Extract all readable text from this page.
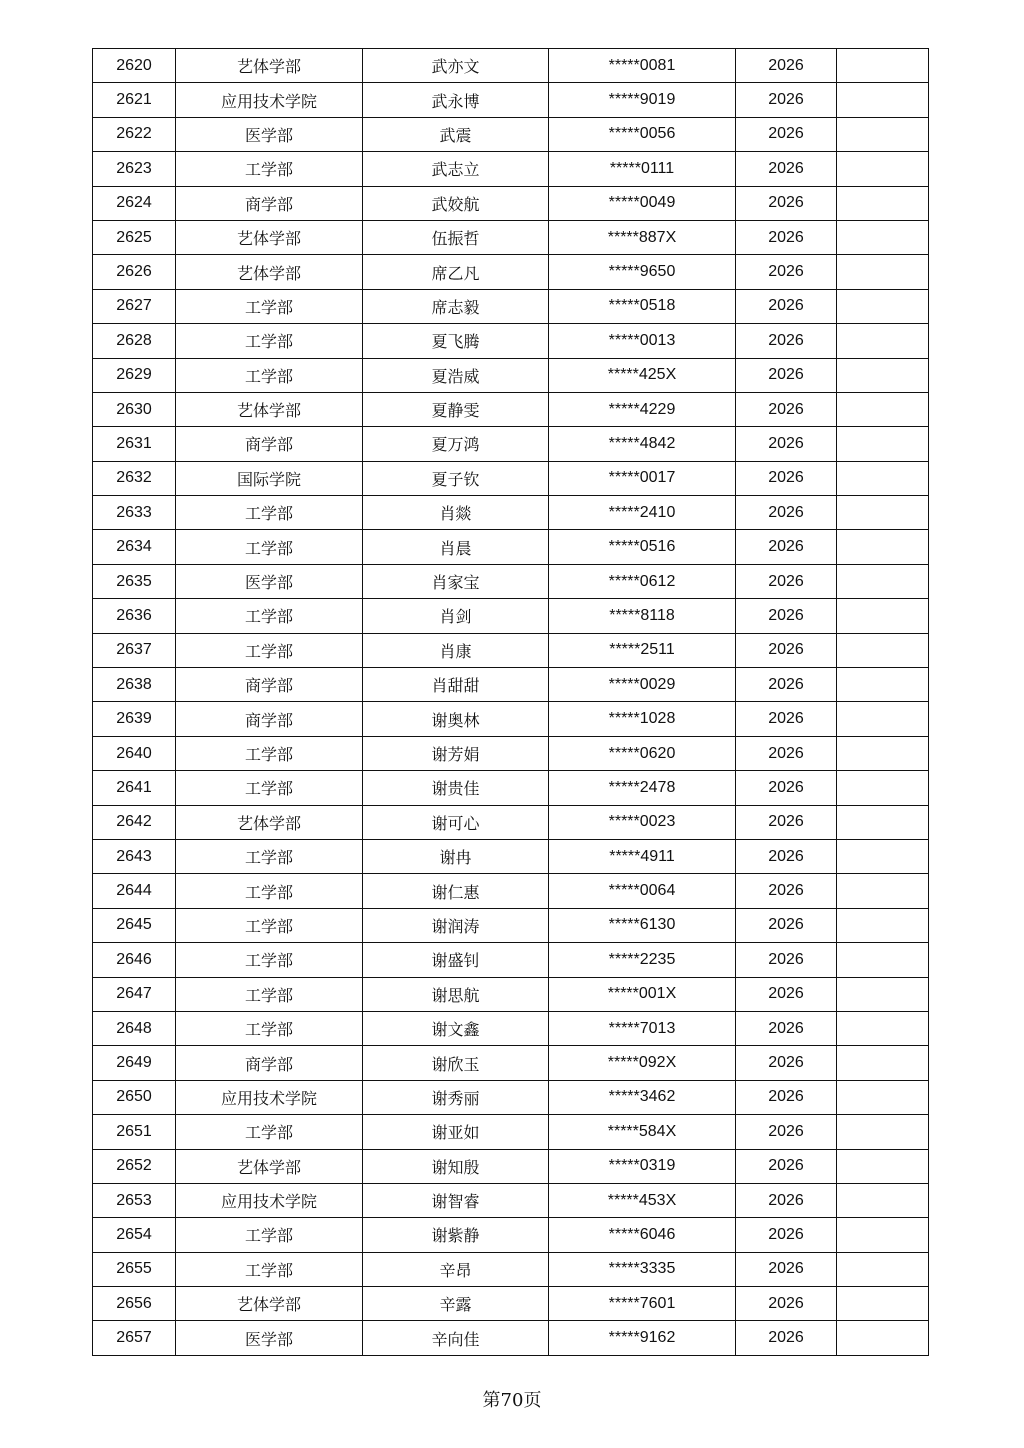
2620	艺体学部	武亦文	*****0081	2026	
2621	应用技术学院	武永博	*****9019	2026	
2622	医学部	武震	*****0056	2026	
2623	工学部	武志立	*****0111	2026	
2624	商学部	武姣航	*****0049	2026	
2625	艺体学部	伍振哲	*****887X	2026	
2626	艺体学部	席乙凡	*****9650	2026	
2627	工学部	席志毅	*****0518	2026	
2628	工学部	夏飞腾	*****0013	2026	
2629	工学部	夏浩威	*****425X	2026	
2630	艺体学部	夏静雯	*****4229	2026	
2631	商学部	夏万鸿	*****4842	2026	
2632	国际学院	夏子钦	*****0017	2026	
2633	工学部	肖燚	*****2410	2026	
2634	工学部	肖晨	*****0516	2026	
2635	医学部	肖家宝	*****0612	2026	
2636	工学部	肖剑	*****8118	2026	
2637	工学部	肖康	*****2511	2026	
2638	商学部	肖甜甜	*****0029	2026	
2639	商学部	谢奥林	*****1028	2026	
2640	工学部	谢芳娟	*****0620	2026	
2641	工学部	谢贵佳	*****2478	2026	
2642	艺体学部	谢可心	*****0023	2026	
2643	工学部	谢冉	*****4911	2026	
2644	工学部	谢仁惠	*****0064	2026	
2645	工学部	谢润涛	*****6130	2026	
2646	工学部	谢盛钊	*****2235	2026	
2647	工学部	谢思航	*****001X	2026	
2648	工学部	谢文鑫	*****7013	2026	
2649	商学部	谢欣玉	*****092X	2026	
2650	应用技术学院	谢秀丽	*****3462	2026	
2651	工学部	谢亚如	*****584X	2026	
2652	艺体学部	谢知殷	*****0319	2026	
2653	应用技术学院	谢智睿	*****453X	2026	
2654	工学部	谢紫静	*****6046	2026	
2655	工学部	辛昂	*****3335	2026	
2656	艺体学部	辛露	*****7601	2026	
2657	医学部	辛向佳	*****9162	2026	
第70页
